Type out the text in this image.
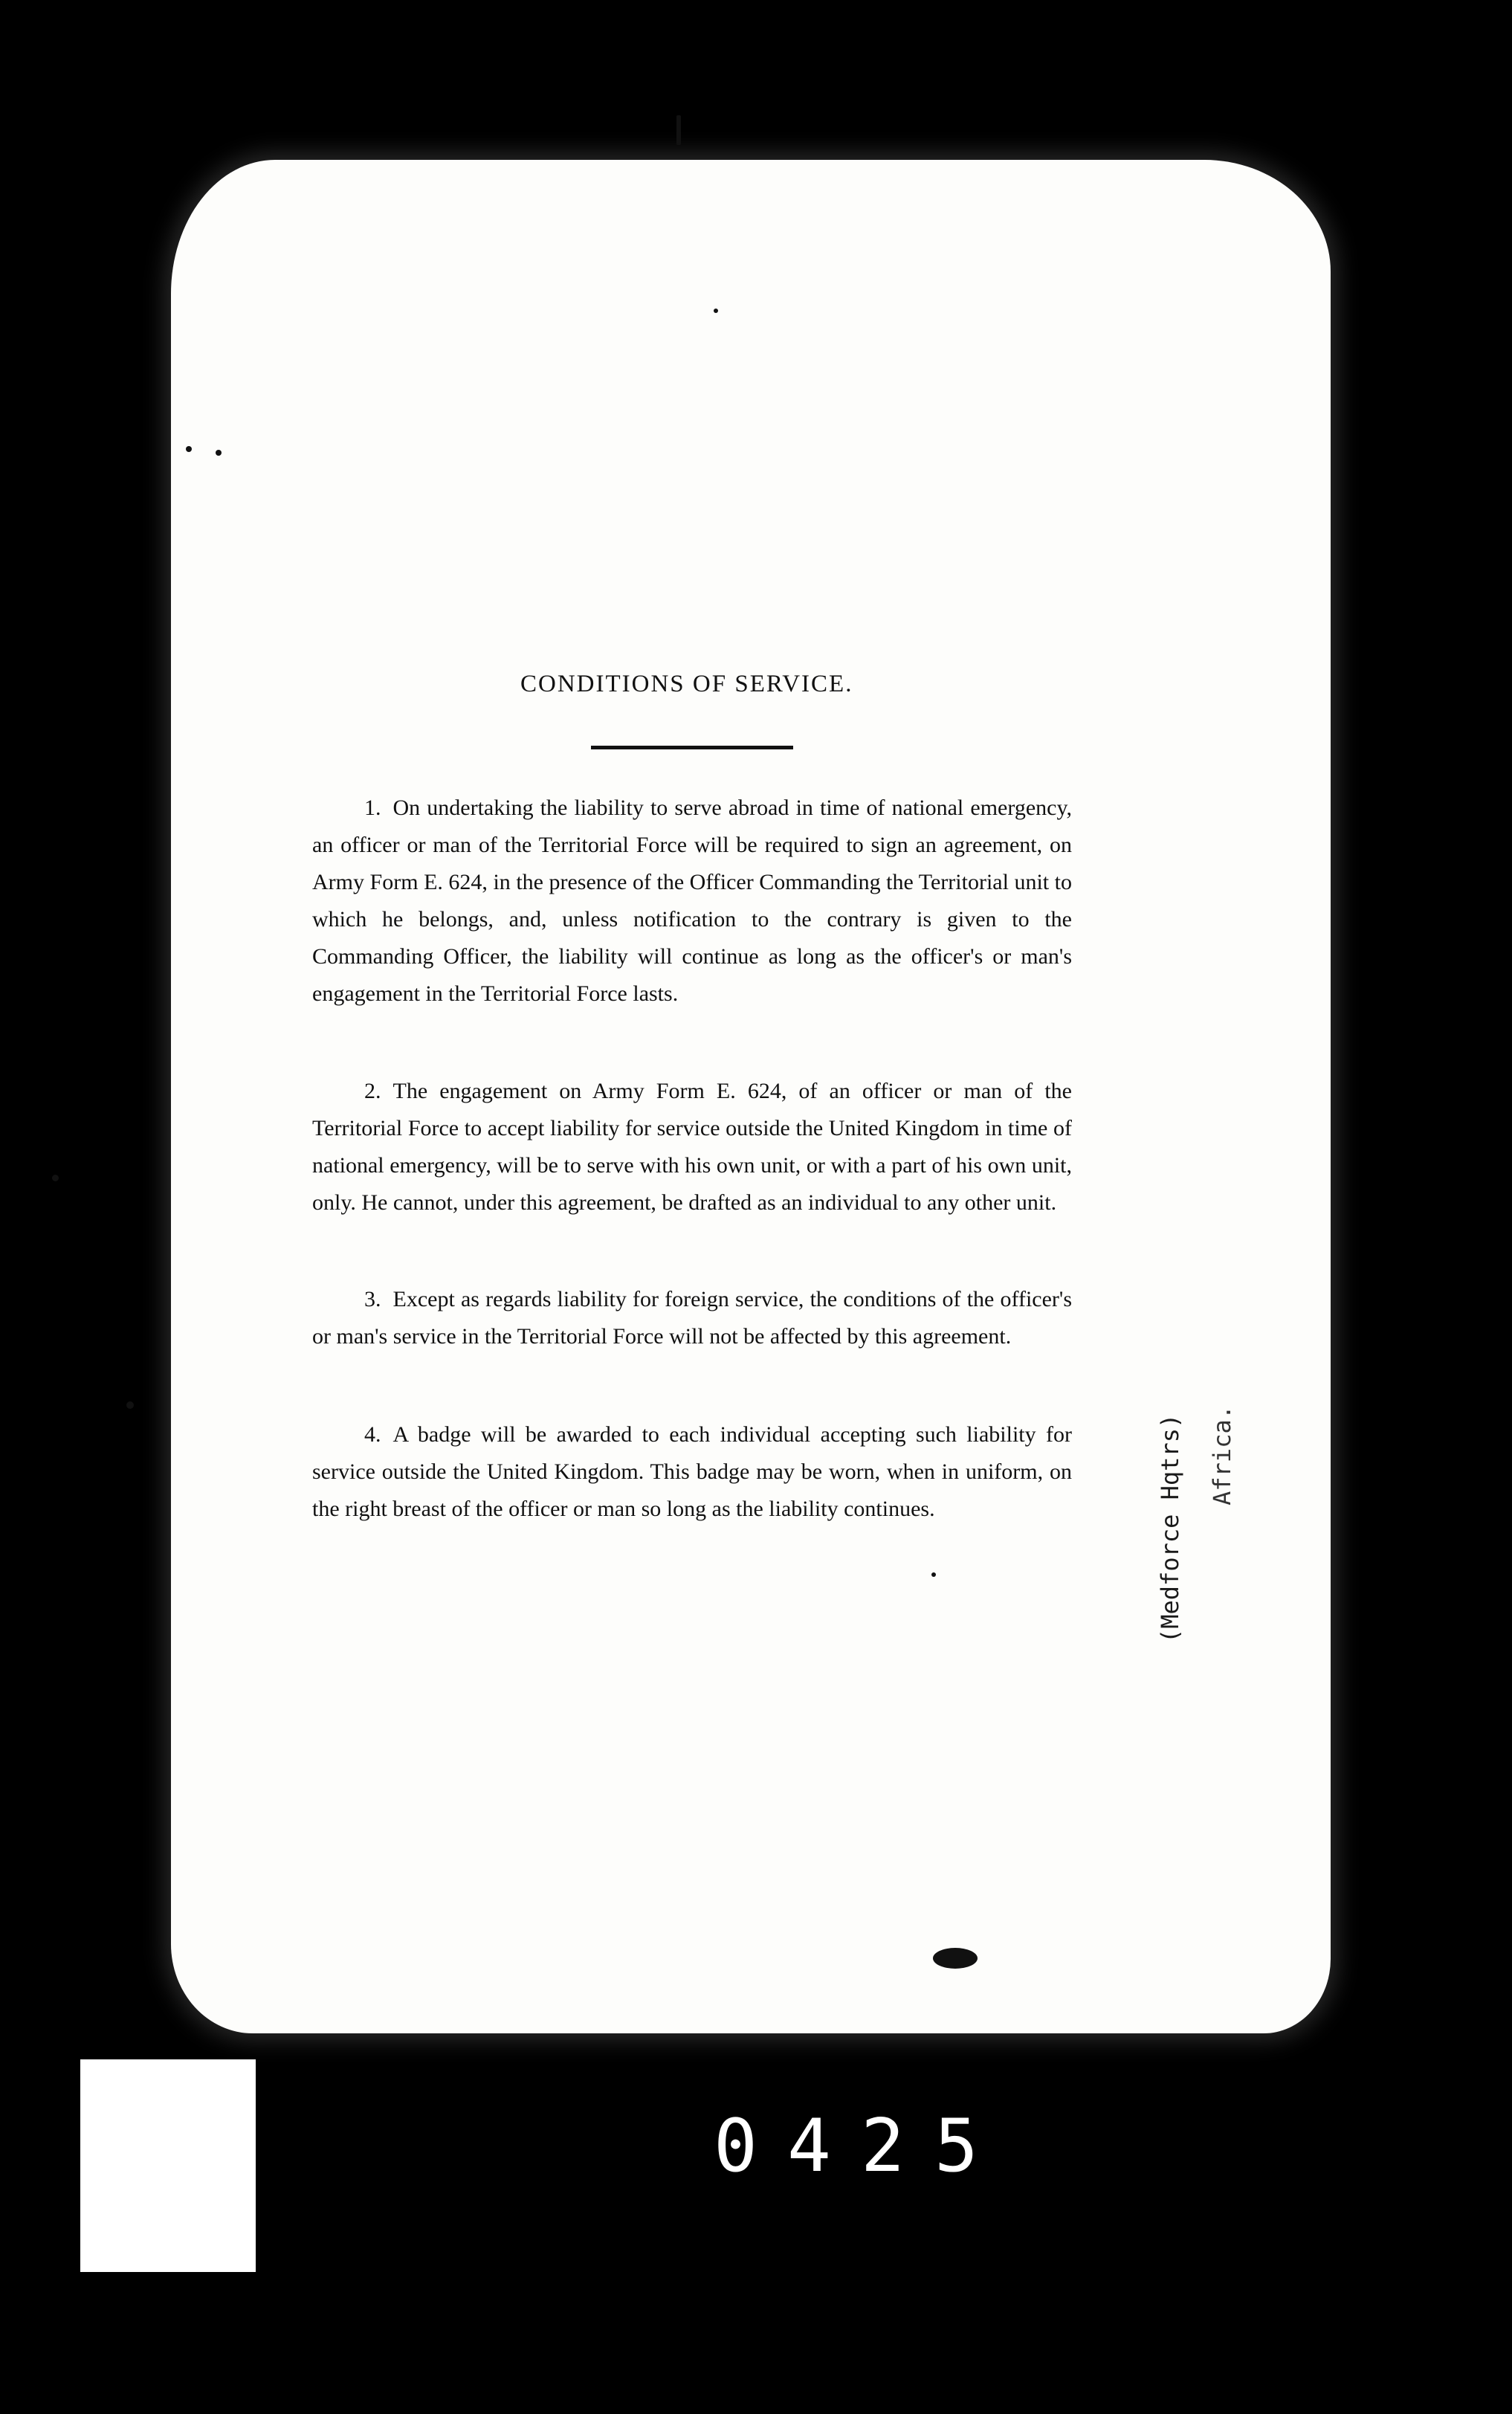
CONDITIONS OF SERVICE.

1. On undertaking the liability to serve abroad in time of national emergency, an officer or man of the Territorial Force will be required to sign an agreement, on Army Form E. 624, in the presence of the Officer Commanding the Territorial unit to which he belongs, and, unless notification to the contrary is given to the Commanding Officer, the liability will continue as long as the officer's or man's engagement in the Territorial Force lasts.

2. The engagement on Army Form E. 624, of an officer or man of the Territorial Force to accept liability for service outside the United Kingdom in time of national emergency, will be to serve with his own unit, or with a part of his own unit, only. He cannot, under this agreement, be drafted as an individual to any other unit.

3. Except as regards liability for foreign service, the conditions of the officer's or man's service in the Territorial Force will not be affected by this agreement.

4. A badge will be awarded to each individual accepting such liability for service outside the United Kingdom. This badge may be worn, when in uniform, on the right breast of the officer or man so long as the liability continues.	(Medforce Hqtrs) Africa.
0425
